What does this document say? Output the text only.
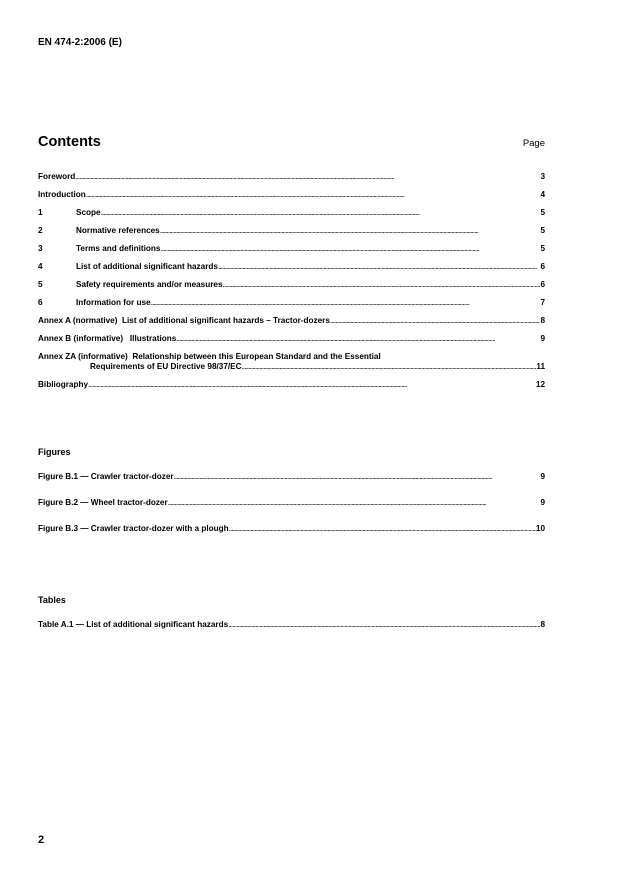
EN 474-2:2006 (E)
Contents	Page
Foreword . . .	3
Introduction . . .	4
1	Scope . . .	5
2	Normative references . . .	5
3	Terms and definitions . . .	5
4	List of additional significant hazards . . .	6
5	Safety requirements and/or measures . . .	6
6	Information for use . . .	7
Annex A (normative)  List of additional significant hazards – Tractor-dozers . . .	8
Annex B (informative)   Illustrations . . .	9
Annex ZA (informative)  Relationship between this European Standard and the Essential
Requirements of EU Directive 98/37/EC . . .	11
Bibliography . . .	12
Figures
Figure B.1 — Crawler tractor-dozer . . .	9
Figure B.2 — Wheel tractor-dozer . . .	9
Figure B.3 — Crawler tractor-dozer with a plough . . .	10
Tables
Table A.1 — List of additional significant hazards . . .	8
2
